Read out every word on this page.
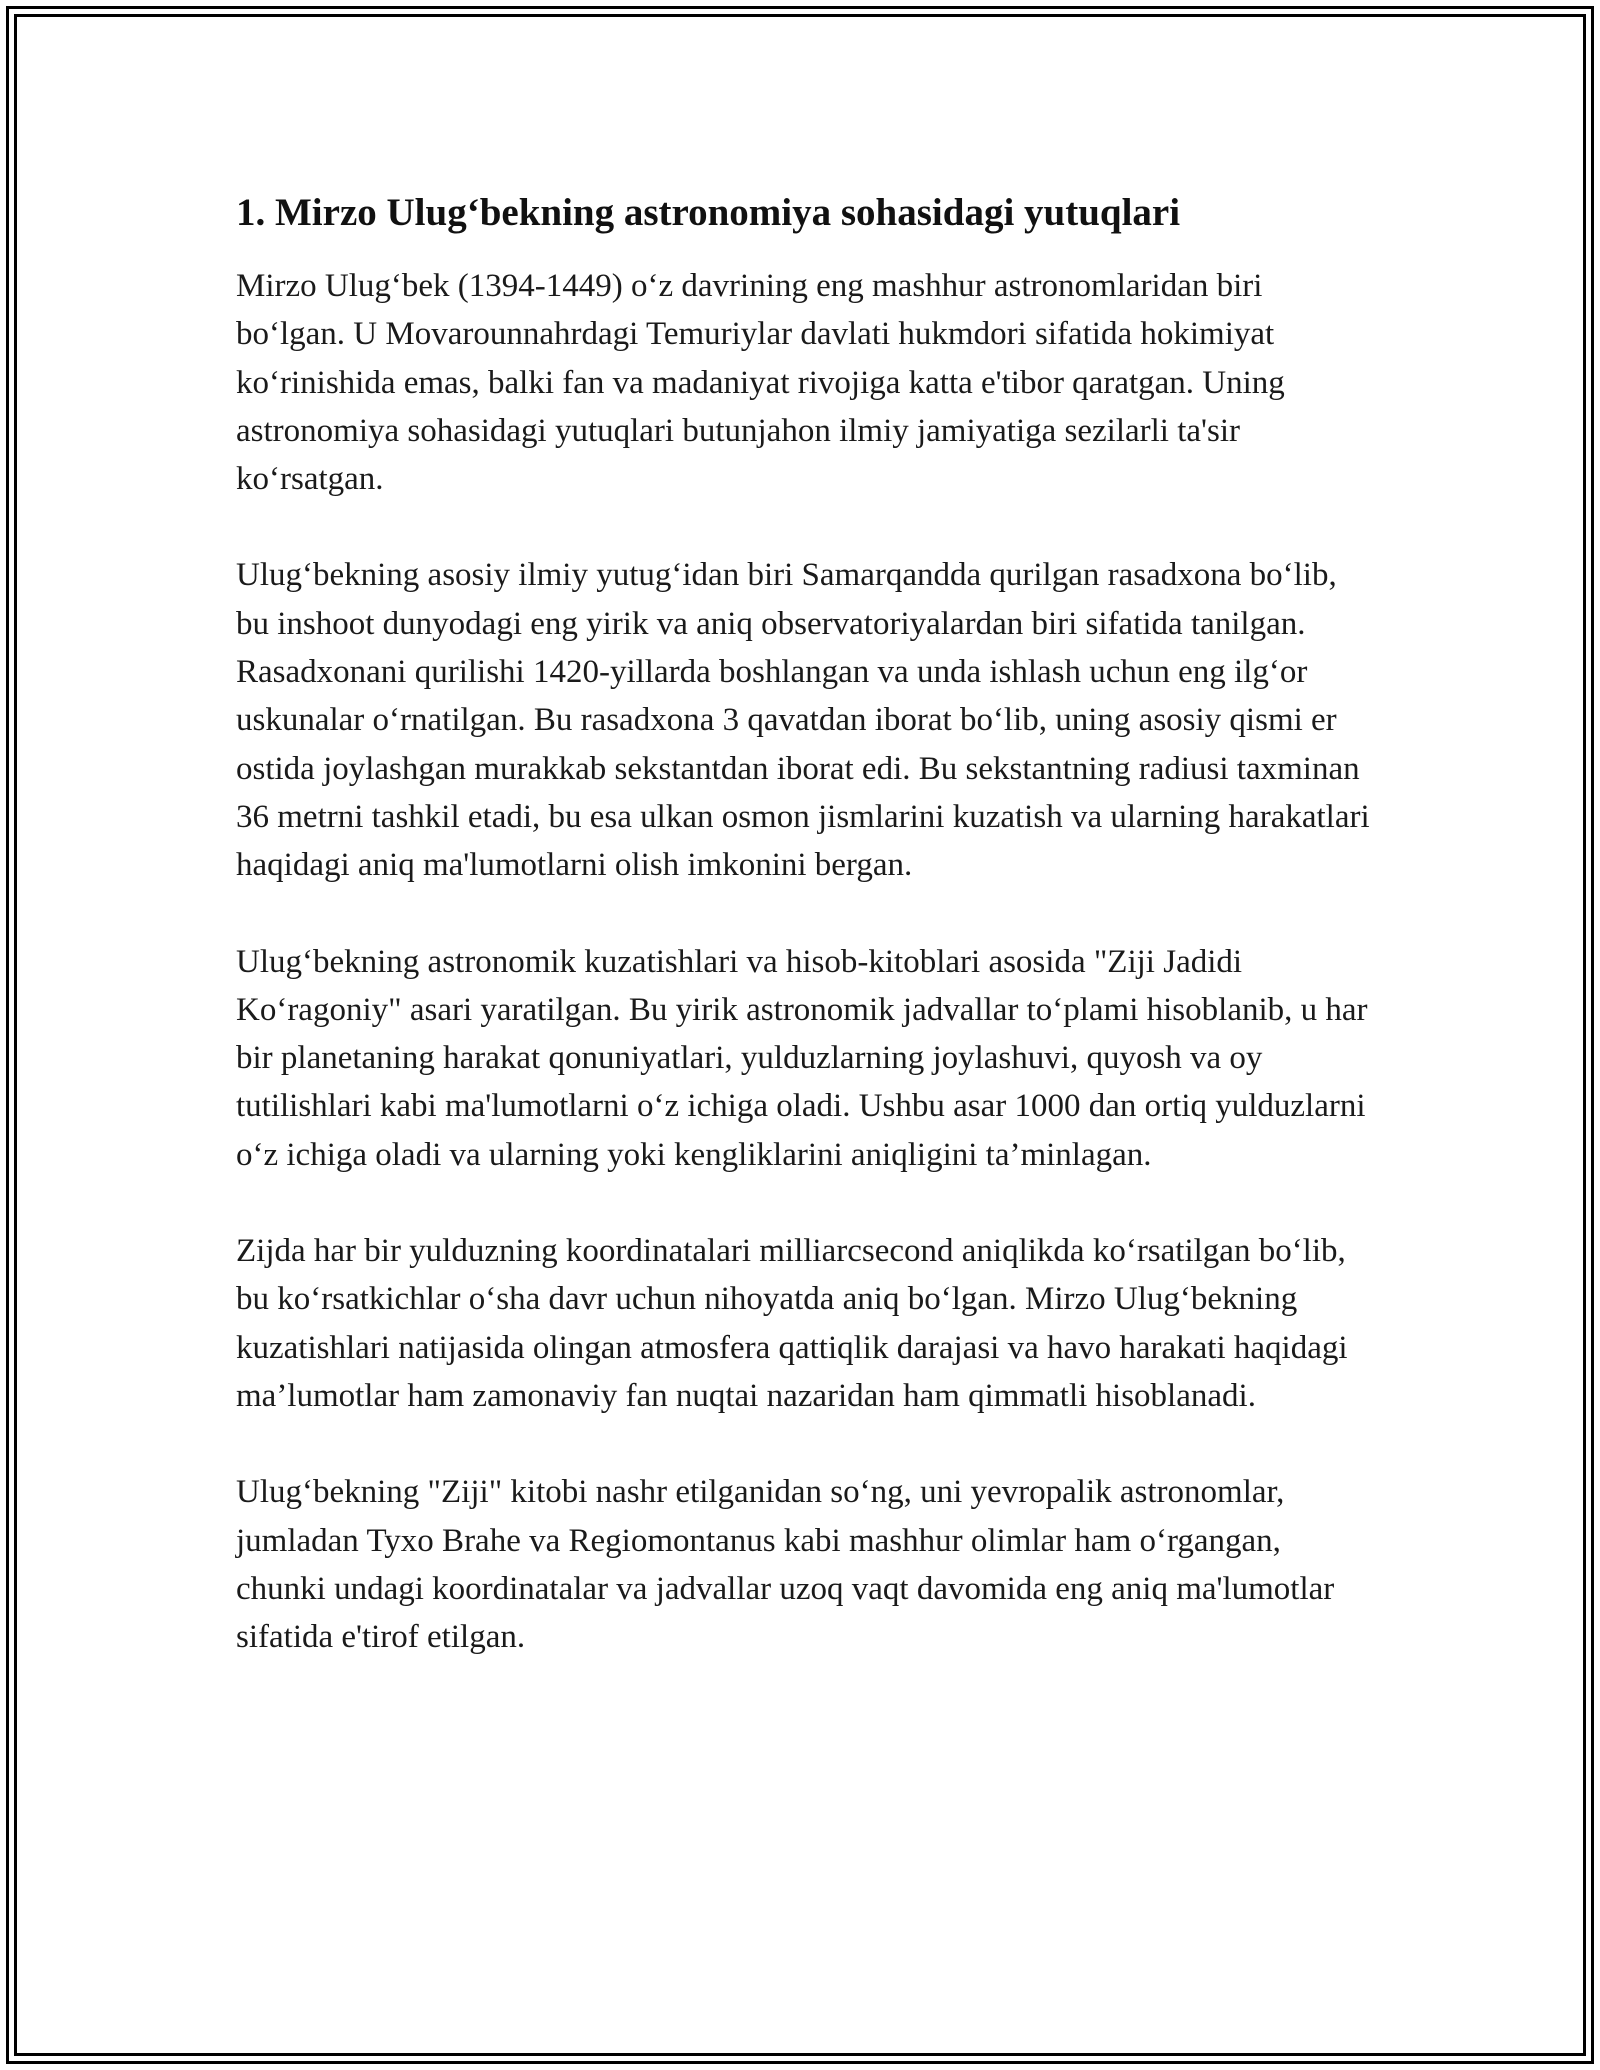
1. Mirzo Ulug‘bekning astronomiya sohasidagi yutuqlari

Mirzo Ulug‘bek (1394-1449) o‘z davrining eng mashhur astronomlaridan biri bo‘lgan. U Movarounnahrdagi Temuriylar davlati hukmdori sifatida hokimiyat ko‘rinishida emas, balki fan va madaniyat rivojiga katta e'tibor qaratgan. Uning astronomiya sohasidagi yutuqlari butunjahon ilmiy jamiyatiga sezilarli ta'sir ko‘rsatgan.

Ulug‘bekning asosiy ilmiy yutug‘idan biri Samarqandda qurilgan rasadxona bo‘lib, bu inshoot dunyodagi eng yirik va aniq observatoriyalardan biri sifatida tanilgan. Rasadxonani qurilishi 1420-yillarda boshlangan va unda ishlash uchun eng ilg‘or uskunalar o‘rnatilgan. Bu rasadxona 3 qavatdan iborat bo‘lib, uning asosiy qismi er ostida joylashgan murakkab sekstantdan iborat edi. Bu sekstantning radiusi taxminan 36 metrni tashkil etadi, bu esa ulkan osmon jismlarini kuzatish va ularning harakatlari haqidagi aniq ma'lumotlarni olish imkonini bergan.

Ulug‘bekning astronomik kuzatishlari va hisob-kitoblari asosida "Ziji Jadidi Ko‘ragoniy" asari yaratilgan. Bu yirik astronomik jadvallar to‘plami hisoblanib, u har bir planetaning harakat qonuniyatlari, yulduzlarning joylashuvi, quyosh va oy tutilishlari kabi ma'lumotlarni o‘z ichiga oladi. Ushbu asar 1000 dan ortiq yulduzlarni o‘z ichiga oladi va ularning yoki kengliklarini aniqligini ta’minlagan.

Zijda har bir yulduzning koordinatalari milliarcsecond aniqlikda ko‘rsatilgan bo‘lib, bu ko‘rsatkichlar o‘sha davr uchun nihoyatda aniq bo‘lgan. Mirzo Ulug‘bekning kuzatishlari natijasida olingan atmosfera qattiqlik darajasi va havo harakati haqidagi ma’lumotlar ham zamonaviy fan nuqtai nazaridan ham qimmatli hisoblanadi.

Ulug‘bekning "Ziji" kitobi nashr etilganidan so‘ng, uni yevropalik astronomlar, jumladan Tyxo Brahe va Regiomontanus kabi mashhur olimlar ham o‘rgangan, chunki undagi koordinatalar va jadvallar uzoq vaqt davomida eng aniq ma'lumotlar sifatida e'tirof etilgan.
